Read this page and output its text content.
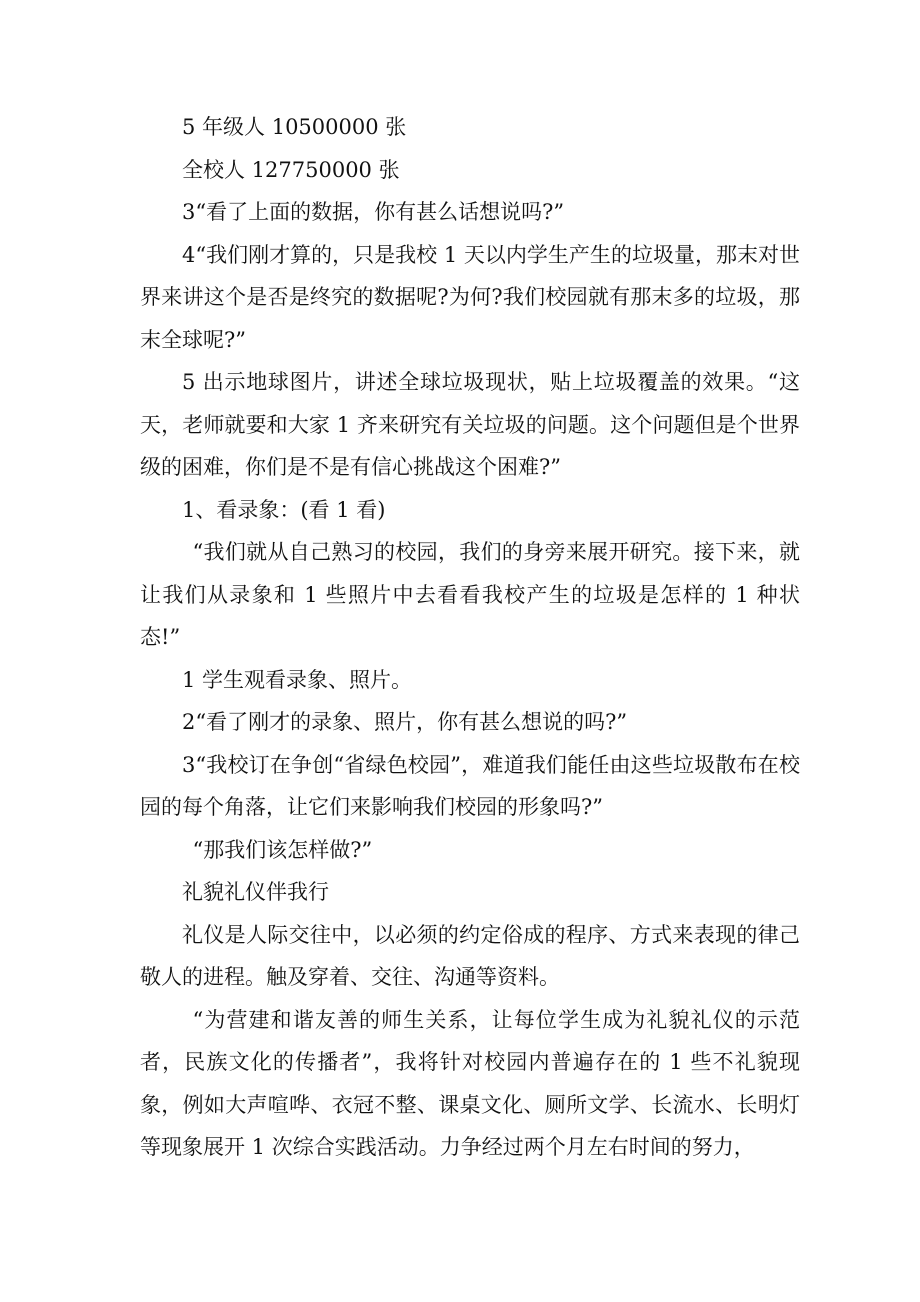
5 年级人 10500000 张

全校人 127750000 张

3“看了上面的数据，你有甚么话想说吗?”

4“我们刚才算的，只是我校 1 天以内学生产生的垃圾量，那末对世界来讲这个是否是终究的数据呢?为何?我们校园就有那末多的垃圾，那末全球呢?”

5 出示地球图片，讲述全球垃圾现状，贴上垃圾覆盖的效果。“这天，老师就要和大家 1 齐来研究有关垃圾的问题。这个问题但是个世界级的困难，你们是不是有信心挑战这个困难?”

1、看录象：(看 1 看)

“我们就从自己熟习的校园，我们的身旁来展开研究。接下来，就让我们从录象和 1 些照片中去看看我校产生的垃圾是怎样的 1 种状态!”

1 学生观看录象、照片。

2“看了刚才的录象、照片，你有甚么想说的吗?”

3“我校订在争创“省绿色校园”，难道我们能任由这些垃圾散布在校园的每个角落，让它们来影响我们校园的形象吗?”

“那我们该怎样做?”

礼貌礼仪伴我行

礼仪是人际交往中，以必须的约定俗成的程序、方式来表现的律己敬人的进程。触及穿着、交往、沟通等资料。

“为营建和谐友善的师生关系，让每位学生成为礼貌礼仪的示范者，民族文化的传播者”，我将针对校园内普遍存在的 1 些不礼貌现象，例如大声喧哗、衣冠不整、课桌文化、厕所文学、长流水、长明灯等现象展开 1 次综合实践活动。力争经过两个月左右时间的努力，
